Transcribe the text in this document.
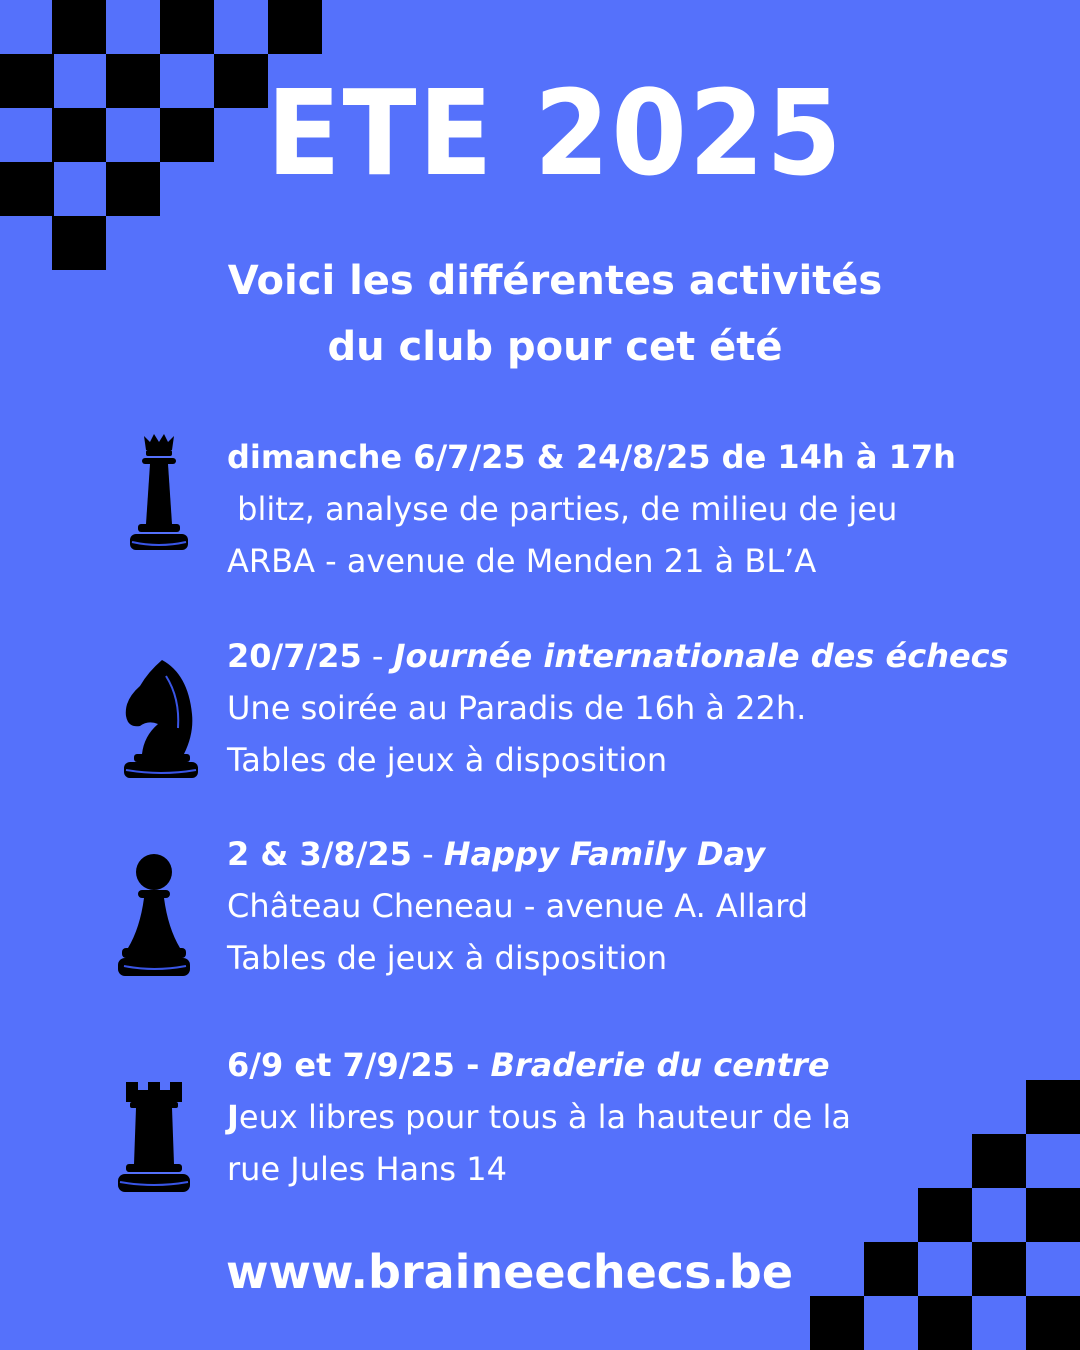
ETE 2025
Voici les différentes activités
du club pour cet été
dimanche 6/7/25 & 24/8/25 de 14h à 17h
blitz, analyse de parties, de milieu de jeu
ARBA - avenue de Menden 21 à BL’A
20/7/25 - Journée internationale des échecs
Une soirée au Paradis de 16h à 22h.
Tables de jeux à disposition
2 & 3/8/25 - Happy Family Day
Château Cheneau - avenue A. Allard
Tables de jeux à disposition
6/9 et 7/9/25 - Braderie du centre
Jeux libres pour tous à la hauteur de la
rue Jules Hans 14
www.braineechecs.be
